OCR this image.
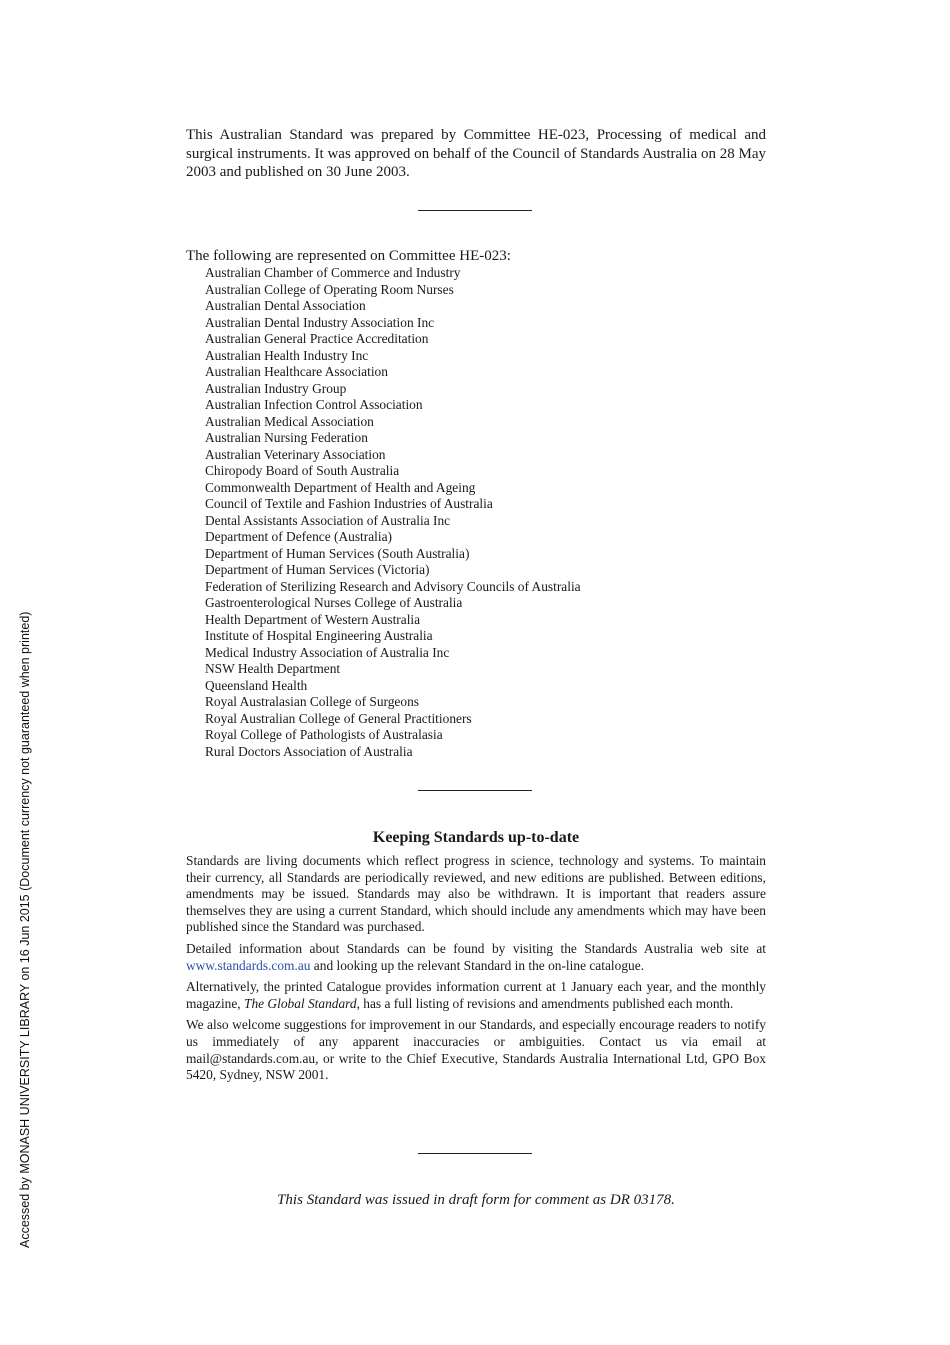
Accessed by MONASH UNIVERSITY LIBRARY on 16 Jun 2015 (Document currency not guaranteed when printed)
This Australian Standard was prepared by Committee HE-023, Processing of medical and surgical instruments. It was approved on behalf of the Council of Standards Australia on 28 May 2003 and published on 30 June 2003.

The following are represented on Committee HE-023:

Australian Chamber of Commerce and Industry
Australian College of Operating Room Nurses
Australian Dental Association
Australian Dental Industry Association Inc
Australian General Practice Accreditation
Australian Health Industry Inc
Australian Healthcare Association
Australian Industry Group
Australian Infection Control Association
Australian Medical Association
Australian Nursing Federation
Australian Veterinary Association
Chiropody Board of South Australia
Commonwealth Department of Health and Ageing
Council of Textile and Fashion Industries of Australia
Dental Assistants Association of Australia Inc
Department of Defence (Australia)
Department of Human Services (South Australia)
Department of Human Services (Victoria)
Federation of Sterilizing Research and Advisory Councils of Australia
Gastroenterological Nurses College of Australia
Health Department of Western Australia
Institute of Hospital Engineering Australia
Medical Industry Association of Australia Inc
NSW Health Department
Queensland Health
Royal Australasian College of Surgeons
Royal Australian College of General Practitioners
Royal College of Pathologists of Australasia
Rural Doctors Association of Australia
Keeping Standards up-to-date

Standards are living documents which reflect progress in science, technology and systems. To maintain their currency, all Standards are periodically reviewed, and new editions are published. Between editions, amendments may be issued. Standards may also be withdrawn. It is important that readers assure themselves they are using a current Standard, which should include any amendments which may have been published since the Standard was purchased.

Detailed information about Standards can be found by visiting the Standards Australia web site at www.standards.com.au and looking up the relevant Standard in the on-line catalogue.

Alternatively, the printed Catalogue provides information current at 1 January each year, and the monthly magazine, The Global Standard, has a full listing of revisions and amendments published each month.

We also welcome suggestions for improvement in our Standards, and especially encourage readers to notify us immediately of any apparent inaccuracies or ambiguities. Contact us via email at mail@standards.com.au, or write to the Chief Executive, Standards Australia International Ltd, GPO Box 5420, Sydney, NSW 2001.

This Standard was issued in draft form for comment as DR 03178.
